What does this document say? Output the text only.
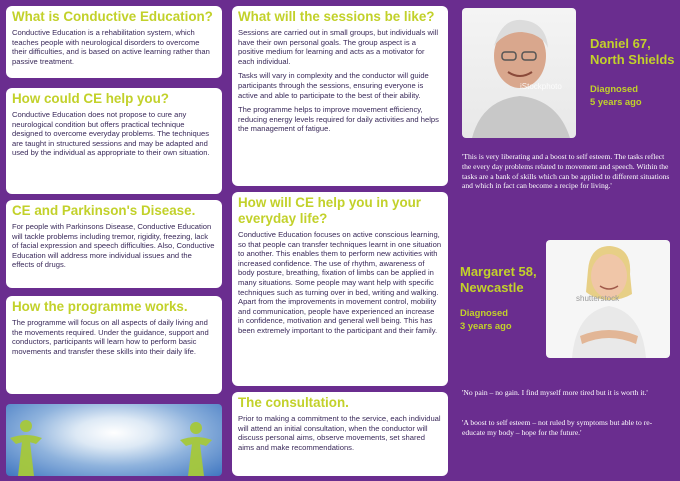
What is Conductive Education?

Conductive Education is a rehabilitation system, which teaches people with neurological disorders to overcome their difficulties, and is based on active learning rather than passive treatment.

How could CE help you?

Conductive Education does not propose to cure any neurological condition but offers practical technique designed to overcome everyday problems. The techniques are taught in structured sessions and may be adapted and used by the individual as appropriate to their own situation.

CE and Parkinson's Disease.

For people with Parkinsons Disease, Conductive Education will tackle problems including tremor, rigidity, freezing, lack of facial expression and speech difficulties. Also, Conductive Education will address more individual issues and the effects of drugs.

How the programme works.

The programme will focus on all aspects of daily living and the movements required. Under the guidance, support and conductors, participants will learn how to perform basic movements and transfer these skills into their daily life.

What will the sessions be like?

Sessions are carried out in small groups, but individuals will have their own personal goals. The group aspect is a positive medium for learning and acts as a motivator for each individual.

Tasks will vary in complexity and the conductor will guide participants through the sessions, ensuring everyone is active and able to participate to the best of their ability.

The programme helps to improve movement efficiency, reducing energy levels required for daily activities and helps the management of fatigue.

How will CE help you in your everyday life?

Conductive Education focuses on active conscious learning, so that people can transfer techniques learnt in one situation to another. This enables them to perform new activities with increased confidence. The use of rhythm, awareness of body posture, breathing, fixation of limbs can be applied in many situations. Some people may want help with specific techniques such as turning over in bed, writing and walking. Apart from the improvements in movement control, mobility and communication, people have experienced an increase in confidence, motivation and general well being. This has been extremely important to the participant and their family.

The consultation.

Prior to making a commitment to the service, each individual will attend an initial consultation, when the conductor will discuss personal aims, observe movements, set shared aims and make recommendations.

iStockphoto
Daniel 67,
North Shields
Diagnosed
5 years ago

'This is very liberating and a boost to self esteem. The tasks reflect the every day problems related to movement and speech. Within the tasks are a bank of skills which can be applied to different situations and which in fact can become a recipe for living.'

Margaret 58,
Newcastle
Diagnosed
3 years ago
shutterstock

'No pain – no gain. I find myself more tired but it is worth it.'

'A boost to self esteem – not ruled by symptoms but able to re-educate my body – hope for the future.'
